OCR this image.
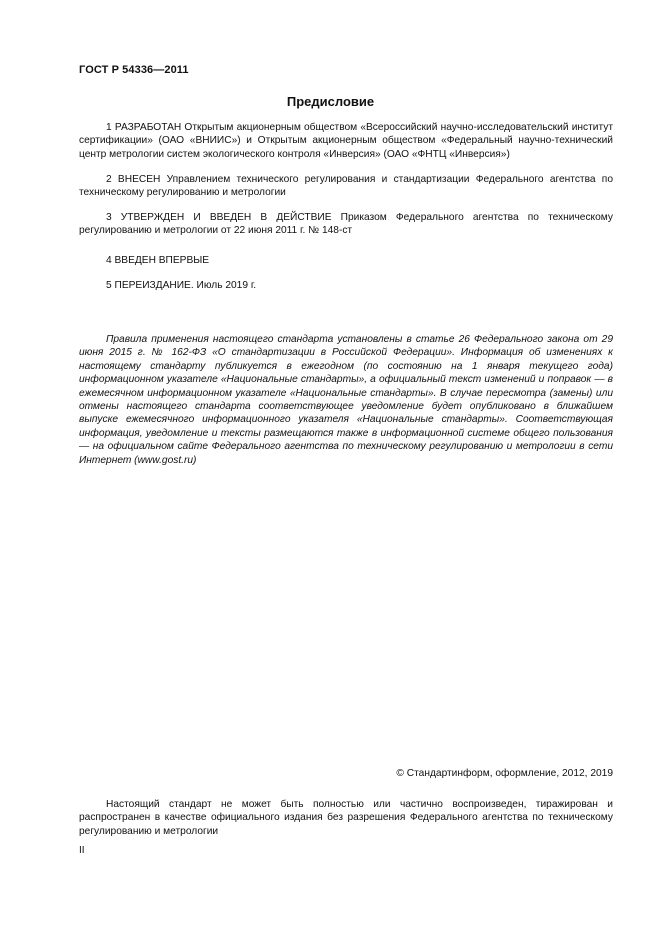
ГОСТ Р 54336—2011
Предисловие

1 РАЗРАБОТАН Открытым акционерным обществом «Всероссийский научно-исследовательский институт сертификации» (ОАО «ВНИИС») и Открытым акционерным обществом «Федеральный научно-технический центр метрологии систем экологического контроля «Инверсия» (ОАО «ФНТЦ «Инверсия»)

2 ВНЕСЕН Управлением технического регулирования и стандартизации Федерального агентства по техническому регулированию и метрологии

3 УТВЕРЖДЕН И ВВЕДЕН В ДЕЙСТВИЕ Приказом Федерального агентства по техническому регулированию и метрологии от 22 июня 2011 г. № 148-ст

4 ВВЕДЕН ВПЕРВЫЕ

5 ПЕРЕИЗДАНИЕ. Июль 2019 г.

Правила применения настоящего стандарта установлены в статье 26 Федерального закона от 29 июня 2015 г. № 162-ФЗ «О стандартизации в Российской Федерации». Информация об изменениях к настоящему стандарту публикуется в ежегодном (по состоянию на 1 января текущего года) информационном указателе «Национальные стандарты», а официальный текст изменений и поправок — в ежемесячном информационном указателе «Национальные стандарты». В случае пересмотра (замены) или отмены настоящего стандарта соответствующее уведомление будет опубликовано в ближайшем выпуске ежемесячного информационного указателя «Национальные стандарты». Соответствующая информация, уведомление и тексты размещаются также в информационной системе общего пользования — на официальном сайте Федерального агентства по техническому регулированию и метрологии в сети Интернет (www.gost.ru)
© Стандартинформ, оформление, 2012, 2019
Настоящий стандарт не может быть полностью или частично воспроизведен, тиражирован и распространен в качестве официального издания без разрешения Федерального агентства по техническому регулированию и метрологии
II
